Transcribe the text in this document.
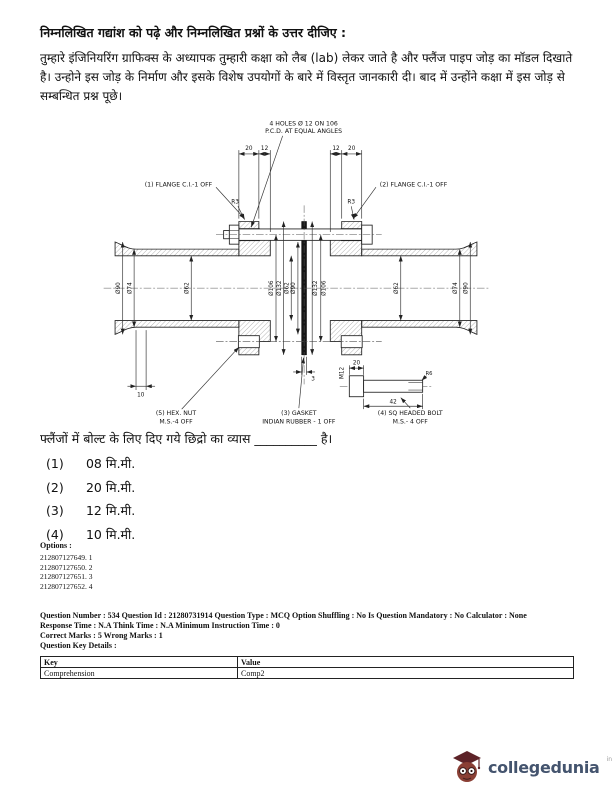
निम्नलिखित गद्यांश को पढ़े और निम्नलिखित प्रश्नों के उत्तर दीजिए :
तुम्हारे इंजिनियरिंग ग्राफिक्स के अध्यापक तुम्हारी कक्षा को लैब (lab) लेकर जाते है और फ्लैंज पाइप जोड़ का मॉडल दिखाते
है। उन्होने इस जोड़ के निर्माण और इसके विशेष उपयोगों के बारे में विस्तृत जानकारी दी। बाद में उन्होंने कक्षा में इस जोड़ से
सम्बन्धित प्रश्न पूछे।
20 12	12 20
Ø90 Ø74	Ø62	Ø106 Ø132 Ø62 Ø90	Ø132 Ø106	Ø62	Ø74 Ø90
10
3
4 HOLES Ø 12 ON 106
P.C.D. AT EQUAL ANGLES
(1) FLANGE C.I.-1 OFF	(2) FLANGE C.I.-1 OFF
R3	R3
M12
20
42
R6
(5) HEX. NUT
M.S.-4 OFF
(3) GASKET
INDIAN RUBBER - 1 OFF
(4) SQ HEADED BOLT
M.S.- 4 OFF
फ्लैंजों में बोल्ट के लिए दिए गये छिद्रो का व्यास __________ है।
(1) 08 मि.मी.
(2) 20 मि.मी.
(3) 12 मि.मी.
(4) 10 मि.मी.
Options :
212807127649. 1
212807127650. 2
212807127651. 3
212807127652. 4
Question Number : 534 Question Id : 21280731914 Question Type : MCQ Option Shuffling : No Is Question Mandatory : No Calculator : None
Response Time : N.A Think Time : N.A Minimum Instruction Time : 0
Correct Marks : 5 Wrong Marks : 1
Question Key Details :
Key	Value
Comprehension	Comp2
collegedunia in
